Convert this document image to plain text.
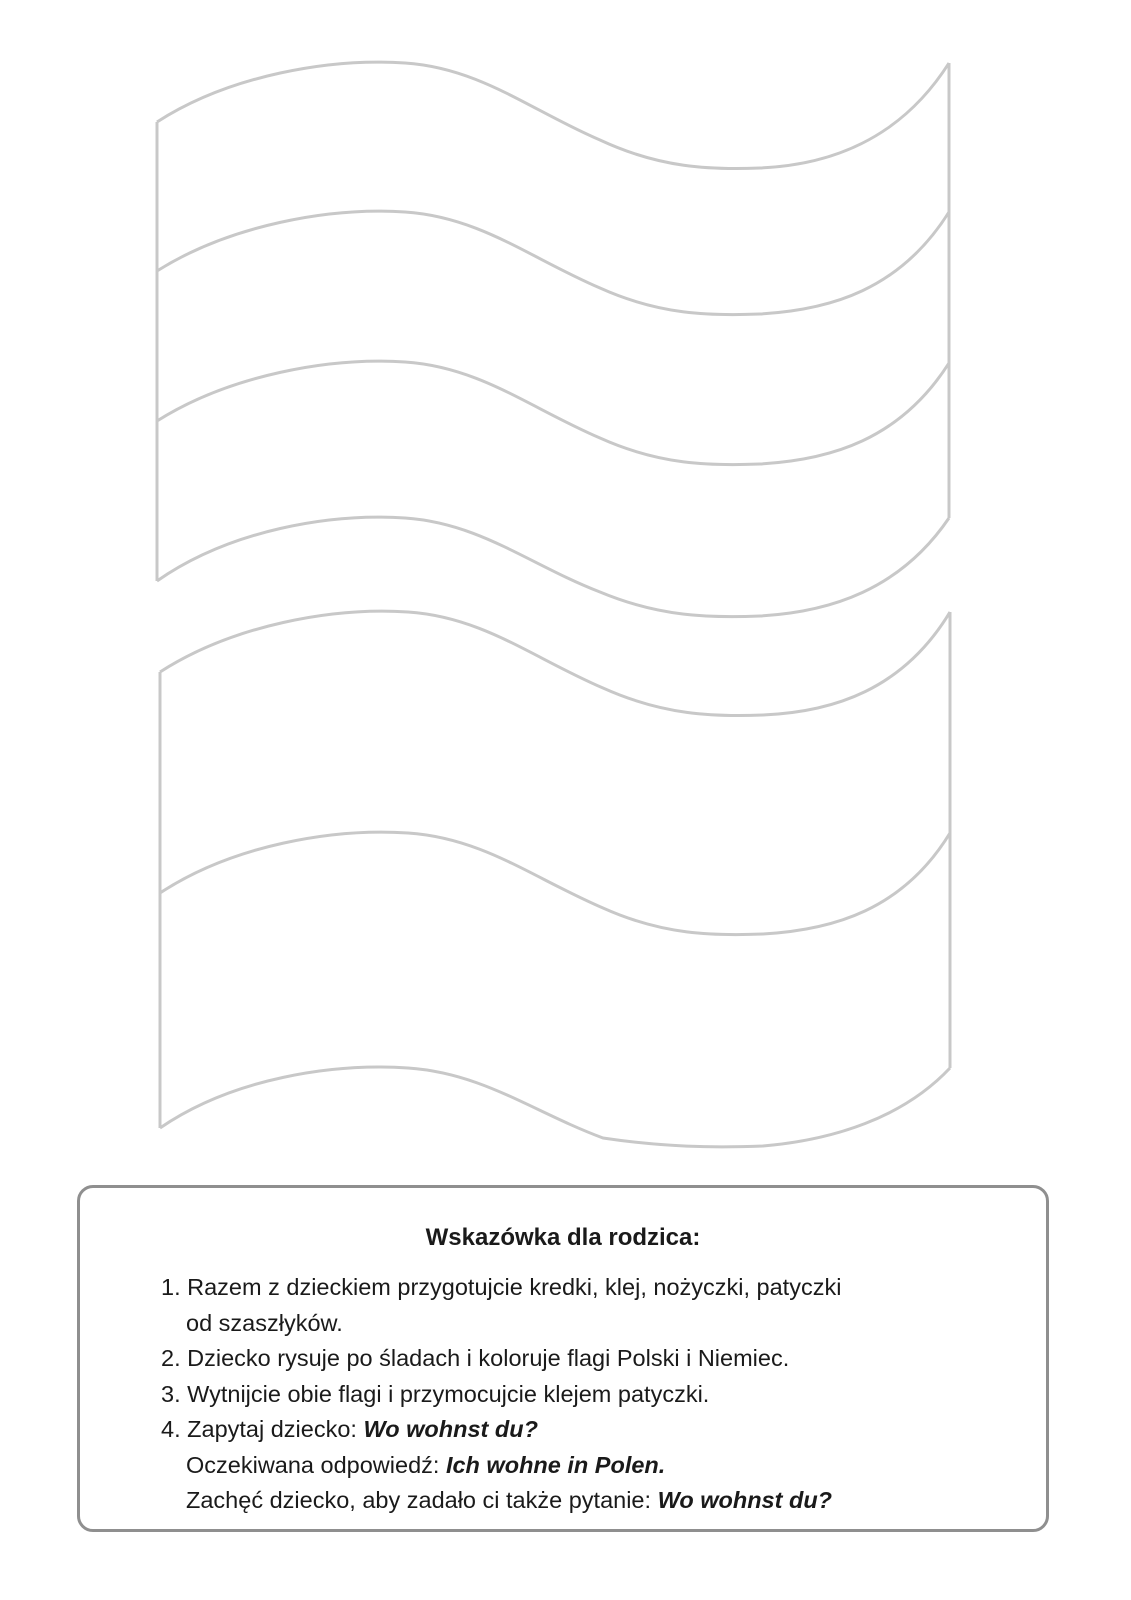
Wskazówka dla rodzica:
1. Razem z dzieckiem przygotujcie kredki, klej, nożyczki, patyczki
od szaszłyków.
2. Dziecko rysuje po śladach i koloruje flagi Polski i Niemiec.
3. Wytnijcie obie flagi i przymocujcie klejem patyczki.
4. Zapytaj dziecko: Wo wohnst du?
Oczekiwana odpowiedź: Ich wohne in Polen.
Zachęć dziecko, aby zadało ci także pytanie: Wo wohnst du?
